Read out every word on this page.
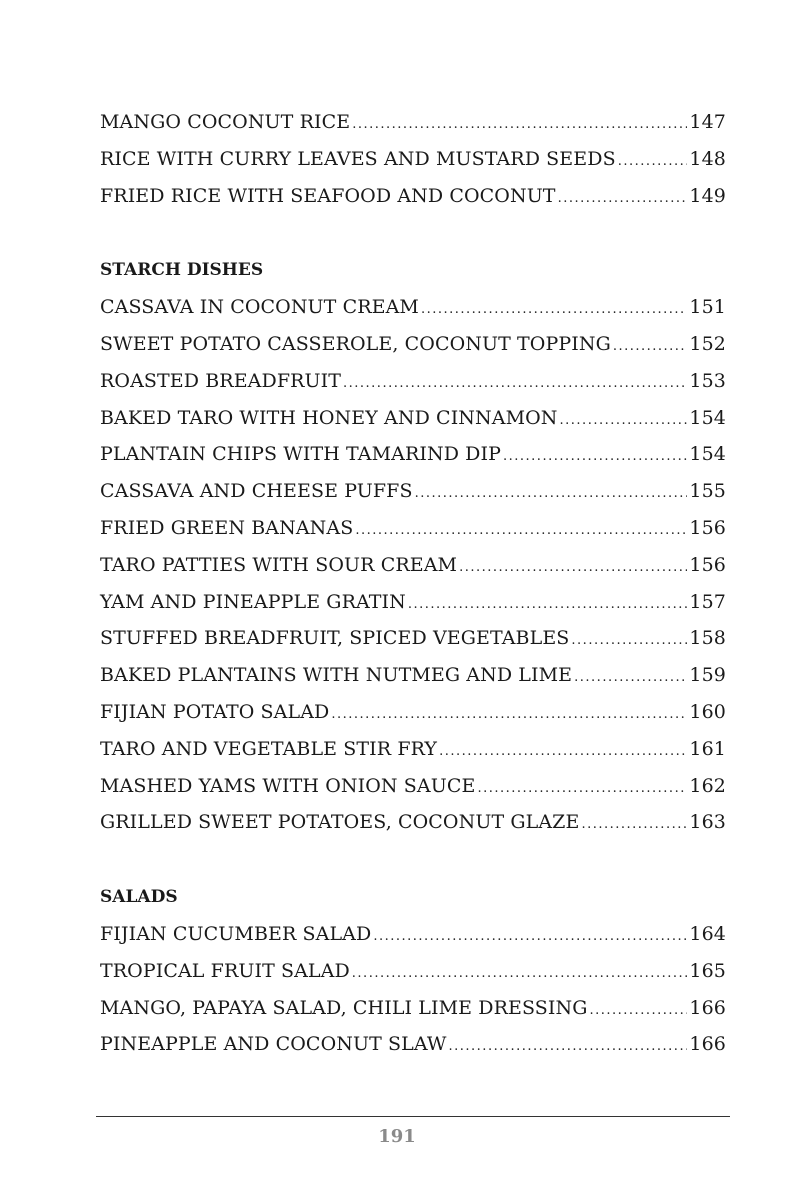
MANGO COCONUT RICE .....	147
RICE WITH CURRY LEAVES AND MUSTARD SEEDS .....	148
FRIED RICE WITH SEAFOOD AND COCONUT .....	149
STARCH DISHES
CASSAVA IN COCONUT CREAM .....	151
SWEET POTATO CASSEROLE, COCONUT TOPPING .....	152
ROASTED BREADFRUIT .....	153
BAKED TARO WITH HONEY AND CINNAMON .....	154
PLANTAIN CHIPS WITH TAMARIND DIP .....	154
CASSAVA AND CHEESE PUFFS .....	155
FRIED GREEN BANANAS .....	156
TARO PATTIES WITH SOUR CREAM .....	156
YAM AND PINEAPPLE GRATIN .....	157
STUFFED BREADFRUIT, SPICED VEGETABLES .....	158
BAKED PLANTAINS WITH NUTMEG AND LIME .....	159
FIJIAN POTATO SALAD .....	160
TARO AND VEGETABLE STIR FRY .....	161
MASHED YAMS WITH ONION SAUCE .....	162
GRILLED SWEET POTATOES, COCONUT GLAZE .....	163
SALADS
FIJIAN CUCUMBER SALAD .....	164
TROPICAL FRUIT SALAD .....	165
MANGO, PAPAYA SALAD, CHILI LIME DRESSING .....	166
PINEAPPLE AND COCONUT SLAW .....	166
191
